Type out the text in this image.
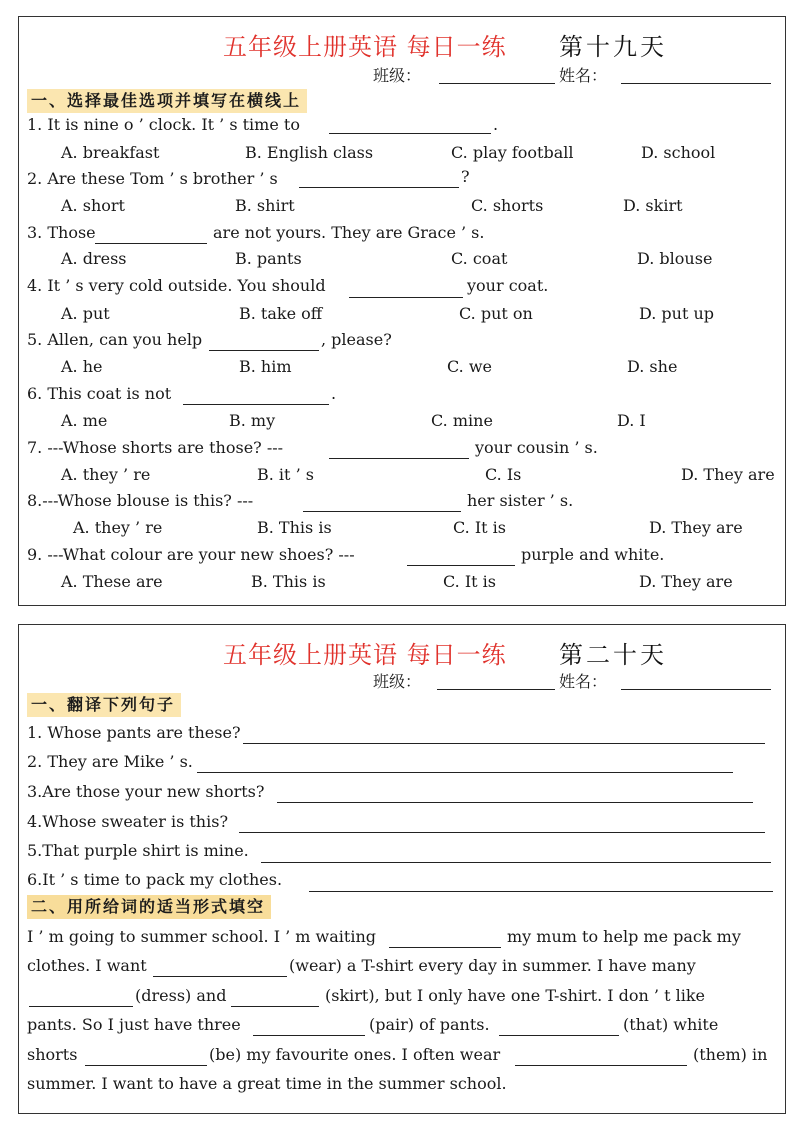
五年级上册英语 每日一练 第十九天
班级：	姓名：
一、选择最佳选项并填写在横线上
1. It is nine o ’ clock. It ’ s time to	.
A. breakfast	B. English class	C. play football	D. school
2. Are these Tom ’ s brother ’ s	?
A. short	B. shirt	C. shorts	D. skirt
3. Those	are not yours. They are Grace ’ s.
A. dress	B. pants	C. coat	D. blouse
4. It ’ s very cold outside. You should	your coat.
A. put	B. take off	C. put on	D. put up
5. Allen, can you help	, please?
A. he	B. him	C. we	D. she
6. This coat is not	.
A. me	B. my	C. mine	D. I
7. ---Whose shorts are those? ---	your cousin ’ s.
A. they ’ re	B. it ’ s	C. Is	D. They are
8.---Whose blouse is this? ---	her sister ’ s.
A. they ’ re	B. This is	C. It is	D. They are
9. ---What colour are your new shoes? ---	purple and white.
A. These are	B. This is	C. It is	D. They are
五年级上册英语 每日一练 第二十天
班级：	姓名：
一、翻译下列句子
1. Whose pants are these?
2. They are Mike ’ s.
3.Are those your new shorts?
4.Whose sweater is this?
5.That purple shirt is mine.
6.It ’ s time to pack my clothes.
二、用所给词的适当形式填空
I ’ m going to summer school. I ’ m waiting	my mum to help me pack my
clothes. I want	(wear) a T-shirt every day in summer. I have many
(dress) and	(skirt), but I only have one T-shirt. I don ’ t like
pants. So I just have three	(pair) of pants.	(that) white
shorts	(be) my favourite ones. I often wear	(them) in
summer. I want to have a great time in the summer school.
